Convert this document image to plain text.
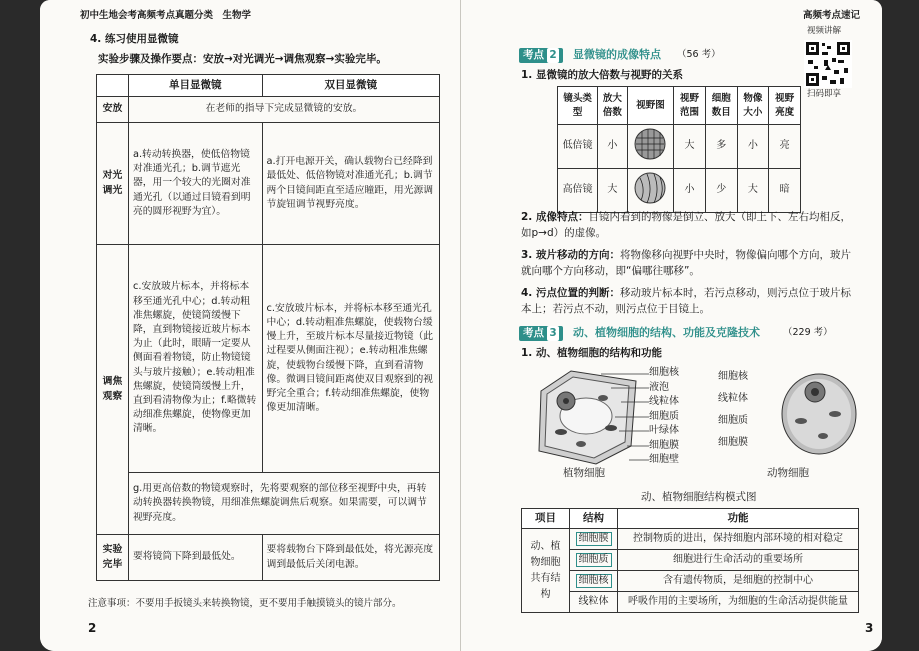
初中生地会考高频考点真题分类　生物学
4. 练习使用显微镜
实验步骤及操作要点：安放→对光调光→调焦观察→实验完毕。
	单目显微镜	双目显微镜
安放	在老师的指导下完成显微镜的安放。	
对光调光	a.转动转换器，使低倍物镜对准通光孔；b.调节遮光器，用一个较大的光圈对准通光孔（以通过目镜看到明亮的圆形视野为宜）。	a.打开电源开关，确认载物台已经降到最低处、低倍物镜对准通光孔；b.调节两个目镜间距直至适应瞳距，用光源调节旋钮调节视野亮度。
调焦观察	c.安放玻片标本，并将标本移至通光孔中心；d.转动粗准焦螺旋，使镜筒缓慢下降，直到物镜接近玻片标本为止（此时，眼睛一定要从侧面看着物镜，防止物镜镜头与玻片接触）；e.转动粗准焦螺旋，使镜筒缓慢上升，直到看清物像为止；f.略微转动细准焦螺旋，使物像更加清晰。	c.安放玻片标本，并将标本移至通光孔中心；d.转动粗准焦螺旋，使载物台缓慢上升，至玻片标本尽量接近物镜（此过程要从侧面注视）；e.转动粗准焦螺旋，使载物台缓慢下降，直到看清物像。微调目镜间距离使双目观察到的视野完全重合；f.转动细准焦螺旋，使物像更加清晰。
	g.用更高倍数的物镜观察时，先将要观察的部位移至视野中央，再转动转换器转换物镜，用细准焦螺旋调焦后观察。如果需要，可以调节视野亮度。	
实验完毕	要将镜筒下降到最低处。	要将载物台下降到最低处，将光源亮度调到最低后关闭电源。
注意事项：不要用手扳镜头来转换物镜，更不要用手触摸镜头的镜片部分。
2
高频考点速记
视频讲解
扫码即享
考点 2	显微镜的成像特点 （56 考）
1. 显微镜的放大倍数与视野的关系
镜头类型	放大倍数	视野图	视野范围	细胞数目	物像大小	视野亮度
低倍镜	小		大	多	小	亮
高倍镜	大		小	少	大	暗
2. 成像特点：目镜内看到的物像是倒立、放大（即上下、左右均相反，如p→d）的虚像。
3. 玻片移动的方向：将物像移向视野中央时，物像偏向哪个方向，玻片就向哪个方向移动，即“偏哪往哪移”。
4. 污点位置的判断：移动玻片标本时，若污点移动，则污点位于玻片标本上；若污点不动，则污点位于目镜上。
考点 3	动、植物细胞的结构、功能及克隆技术 （229 考）
1. 动、植物细胞的结构和功能
细胞核
液泡
线粒体
细胞质
叶绿体
细胞膜
细胞壁
植物细胞
细胞核
线粒体
细胞质
细胞膜
动物细胞
动、植物细胞结构模式图
项目	结构	功能
动、植物细胞共有结构	细胞膜	控制物质的进出，保持细胞内部环境的相对稳定
	细胞质	细胞进行生命活动的重要场所
	细胞核	含有遗传物质，是细胞的控制中心
	线粒体	呼吸作用的主要场所，为细胞的生命活动提供能量
3
